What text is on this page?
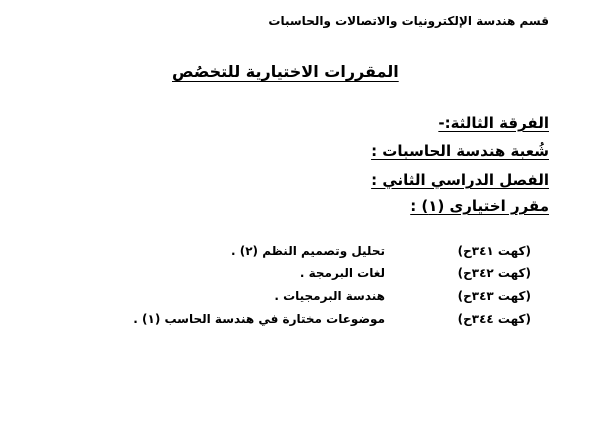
قسم هندسة الإلكترونيات والاتصالات والحاسبات
المقررات الاختيارية للتخصُص
الفرقة الثالثة:-
شُعبة هندسة الحاسبات :
الفصل الدراسي الثاني :
مقرر اختيارى (١) :
(كهت ٣٤١ح)
تحليل وتصميم النظم (٢) .
(كهت ٣٤٢ح)
لغات البرمجة .
(كهت ٣٤٣ح)
هندسة البرمجيات .
(كهت ٣٤٤ح)
موضوعات مختارة في هندسة الحاسب (١) .
